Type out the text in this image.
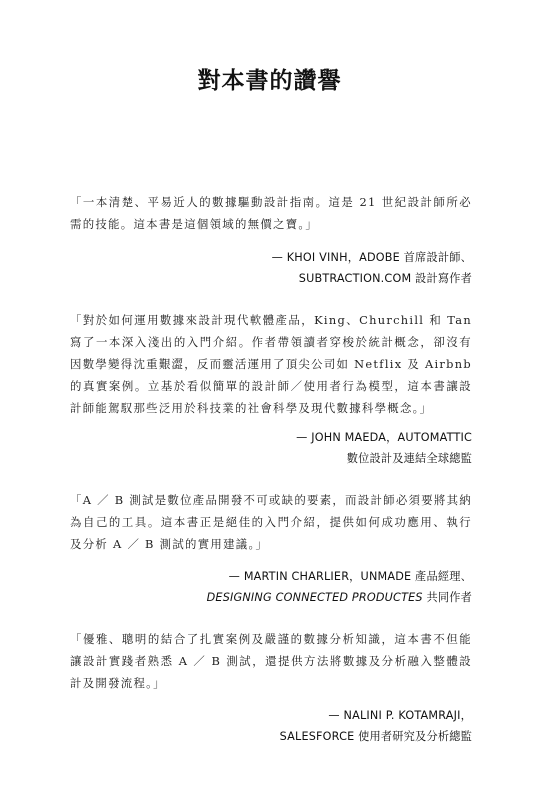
對本書的讚譽

「一本清楚、平易近人的數據驅動設計指南。這是 21 世紀設計師所必需的技能。這本書是這個領域的無價之寶。」

— KHOI VINH，ADOBE 首席設計師、
SUBTRACTION.COM 設計寫作者

「對於如何運用數據來設計現代軟體產品，King、Churchill 和 Tan 寫了一本深入淺出的入門介紹。作者帶領讀者穿梭於統計概念，卻沒有因數學變得沈重艱澀，反而靈活運用了頂尖公司如 Netflix 及 Airbnb 的真實案例。立基於看似簡單的設計師／使用者行為模型，這本書讓設計師能駕馭那些泛用於科技業的社會科學及現代數據科學概念。」

— JOHN MAEDA，AUTOMATTIC
數位設計及連結全球總監

「A ／ B 測試是數位產品開發不可或缺的要素，而設計師必須要將其納為自己的工具。這本書正是絕佳的入門介紹，提供如何成功應用、執行及分析 A ／ B 測試的實用建議。」

— MARTIN CHARLIER，UNMADE 產品經理、
DESIGNING CONNECTED PRODUCTES 共同作者

「優雅、聰明的結合了扎實案例及嚴謹的數據分析知識，這本書不但能讓設計實踐者熟悉 A ／ B 測試，還提供方法將數據及分析融入整體設計及開發流程。」

— NALINI P. KOTAMRAJI，
SALESFORCE 使用者研究及分析總監
